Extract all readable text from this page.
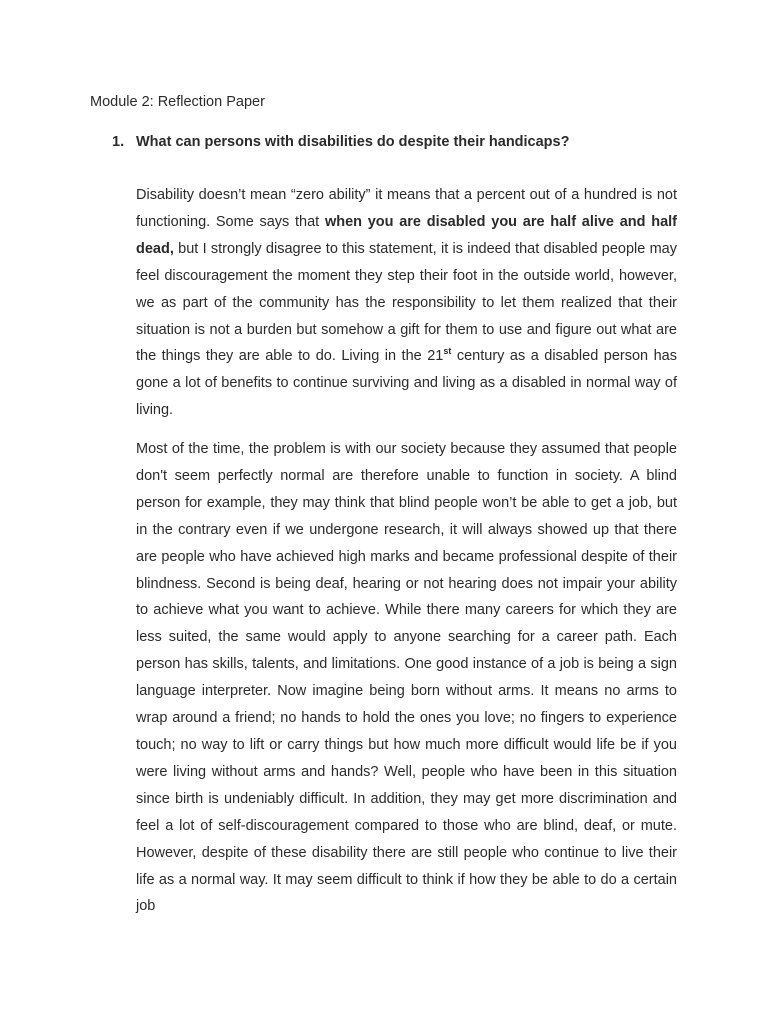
Module 2: Reflection Paper
1. What can persons with disabilities do despite their handicaps?

Disability doesn’t mean “zero ability” it means that a percent out of a hundred is not functioning. Some says that when you are disabled you are half alive and half dead, but I strongly disagree to this statement, it is indeed that disabled people may feel discouragement the moment they step their foot in the outside world, however, we as part of the community has the responsibility to let them realized that their situation is not a burden but somehow a gift for them to use and figure out what are the things they are able to do. Living in the 21st century as a disabled person has gone a lot of benefits to continue surviving and living as a disabled in normal way of living.

Most of the time, the problem is with our society because they assumed that people don't seem perfectly normal are therefore unable to function in society. A blind person for example, they may think that blind people won’t be able to get a job, but in the contrary even if we undergone research, it will always showed up that there are people who have achieved high marks and became professional despite of their blindness. Second is being deaf, hearing or not hearing does not impair your ability to achieve what you want to achieve. While there many careers for which they are less suited, the same would apply to anyone searching for a career path. Each person has skills, talents, and limitations. One good instance of a job is being a sign language interpreter. Now imagine being born without arms. It means no arms to wrap around a friend; no hands to hold the ones you love; no fingers to experience touch; no way to lift or carry things but how much more difficult would life be if you were living without arms and hands? Well, people who have been in this situation since birth is undeniably difficult. In addition, they may get more discrimination and feel a lot of self-discouragement compared to those who are blind, deaf, or mute. However, despite of these disability there are still people who continue to live their life as a normal way. It may seem difficult to think if how they be able to do a certain job
